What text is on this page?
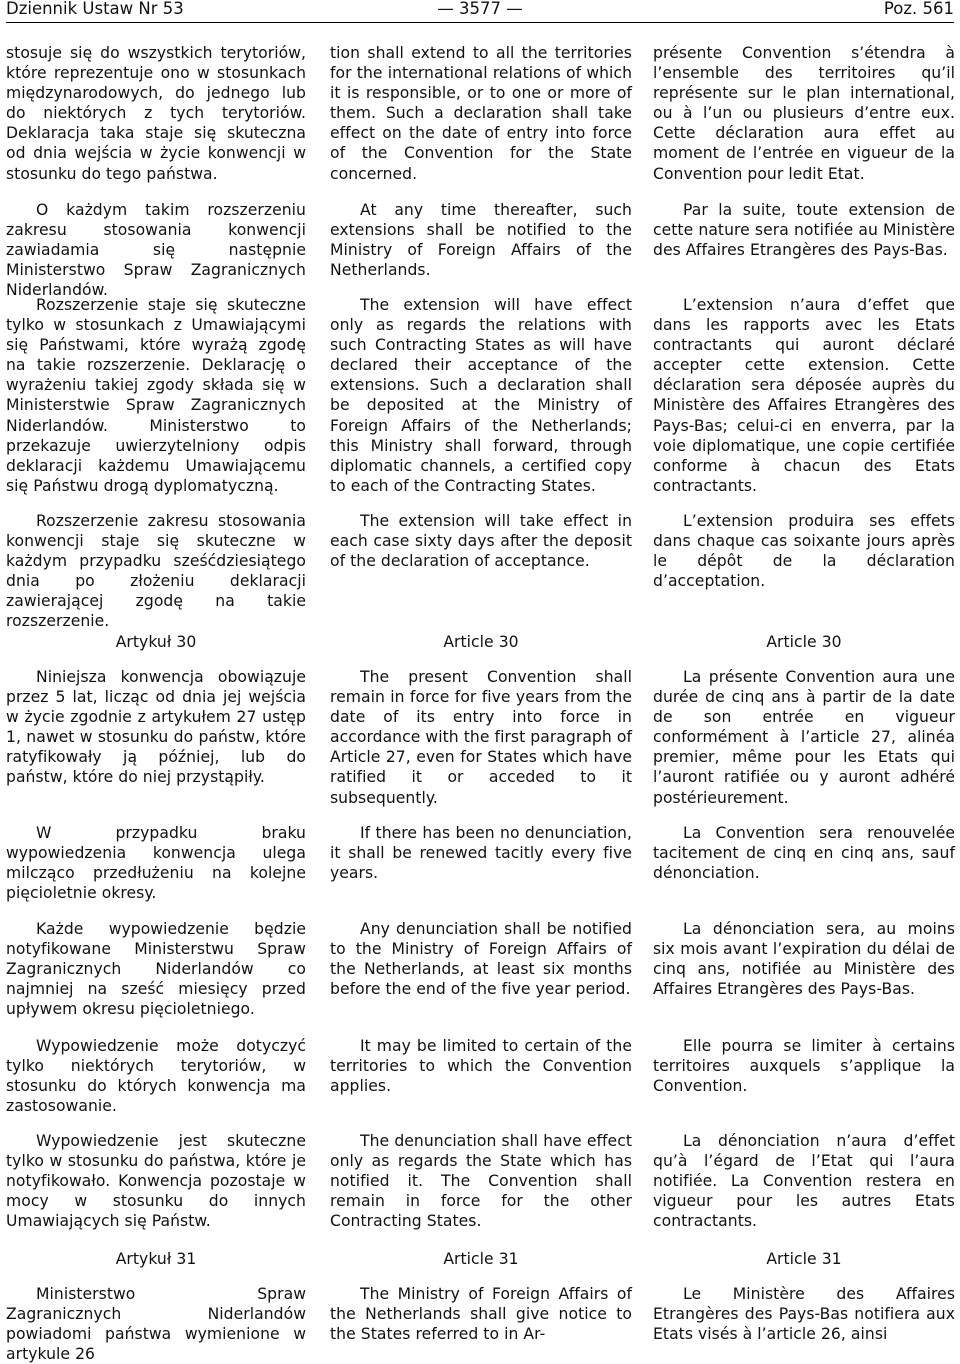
Dziennik Ustaw Nr 53	— 3577 —	Poz. 561

stosuje się do wszystkich terytoriów, które reprezentuje ono w stosunkach międzynarodowych, do jednego lub do niektórych z tych terytoriów. Deklaracja taka staje się skuteczna od dnia wejścia w życie konwencji w stosunku do tego państwa.

O każdym takim rozszerzeniu zakresu stosowania konwencji zawiadamia się następnie Ministerstwo Spraw Zagranicznych Niderlandów.

Rozszerzenie staje się skuteczne tylko w stosunkach z Umawiającymi się Państwami, które wyrażą zgodę na takie rozszerzenie. Deklarację o wyrażeniu takiej zgody składa się w Ministerstwie Spraw Zagranicznych Niderlandów. Ministerstwo to przekazuje uwierzytelniony odpis deklaracji każdemu Umawiającemu się Państwu drogą dyplomatyczną.

Rozszerzenie zakresu stosowania konwencji staje się skuteczne w każdym przypadku sześćdziesiątego dnia po złożeniu deklaracji zawierającej zgodę na takie rozszerzenie.

Artykuł 30

Niniejsza konwencja obowiązuje przez 5 lat, licząc od dnia jej wejścia w życie zgodnie z artykułem 27 ustęp 1, nawet w stosunku do państw, które ratyfikowały ją później, lub do państw, które do niej przystąpiły.

W przypadku braku wypowiedzenia konwencja ulega milcząco przedłużeniu na kolejne pięcioletnie okresy.

Każde wypowiedzenie będzie notyfikowane Ministerstwu Spraw Zagranicznych Niderlandów co najmniej na sześć miesięcy przed upływem okresu pięcioletniego.

Wypowiedzenie może dotyczyć tylko niektórych terytoriów, w stosunku do których konwencja ma zastosowanie.

Wypowiedzenie jest skuteczne tylko w stosunku do państwa, które je notyfikowało. Konwencja pozostaje w mocy w stosunku do innych Umawiających się Państw.

Artykuł 31

Ministerstwo Spraw Zagranicznych Niderlandów powiadomi państwa wymienione w artykule 26

tion shall extend to all the territories for the international relations of which it is responsible, or to one or more of them. Such a declaration shall take effect on the date of entry into force of the Convention for the State concerned.

At any time thereafter, such extensions shall be notified to the Ministry of Foreign Affairs of the Netherlands.

The extension will have effect only as regards the relations with such Contracting States as will have declared their acceptance of the extensions. Such a declaration shall be deposited at the Ministry of Foreign Affairs of the Netherlands; this Ministry shall forward, through diplomatic channels, a certified copy to each of the Contracting States.

The extension will take effect in each case sixty days after the deposit of the declaration of acceptance.

Article 30

The present Convention shall remain in force for five years from the date of its entry into force in accordance with the first paragraph of Article 27, even for States which have ratified it or acceded to it subsequently.

If there has been no denunciation, it shall be renewed tacitly every five years.

Any denunciation shall be notified to the Ministry of Foreign Affairs of the Netherlands, at least six months before the end of the five year period.

It may be limited to certain of the territories to which the Convention applies.

The denunciation shall have effect only as regards the State which has notified it. The Convention shall remain in force for the other Contracting States.

Article 31

The Ministry of Foreign Affairs of the Netherlands shall give notice to the States referred to in Ar-

présente Convention s’étendra à l’ensemble des territoires qu’il représente sur le plan international, ou à l’un ou plusieurs d’entre eux. Cette déclaration aura effet au moment de l’entrée en vigueur de la Convention pour ledit Etat.

Par la suite, toute extension de cette nature sera notifiée au Ministère des Affaires Etrangères des Pays-Bas.

L’extension n’aura d’effet que dans les rapports avec les Etats contractants qui auront déclaré accepter cette extension. Cette déclaration sera déposée auprès du Ministère des Affaires Etrangères des Pays-Bas; celui-ci en enverra, par la voie diplomatique, une copie certifiée conforme à chacun des Etats contractants.

L’extension produira ses effets dans chaque cas soixante jours après le dépôt de la déclaration d’acceptation.

Article 30

La présente Convention aura une durée de cinq ans à partir de la date de son entrée en vigueur conformément à l’article 27, alinéa premier, même pour les Etats qui l’auront ratifiée ou y auront adhéré postérieurement.

La Convention sera renouvelée tacitement de cinq en cinq ans, sauf dénonciation.

La dénonciation sera, au moins six mois avant l’expiration du délai de cinq ans, notifiée au Ministère des Affaires Etrangères des Pays-Bas.

Elle pourra se limiter à certains territoires auxquels s’applique la Convention.

La dénonciation n’aura d’effet qu’à l’égard de l’Etat qui l’aura notifiée. La Convention restera en vigueur pour les autres Etats contractants.

Article 31

Le Ministère des Affaires Etrangères des Pays-Bas notifiera aux Etats visés à l’article 26, ainsi
